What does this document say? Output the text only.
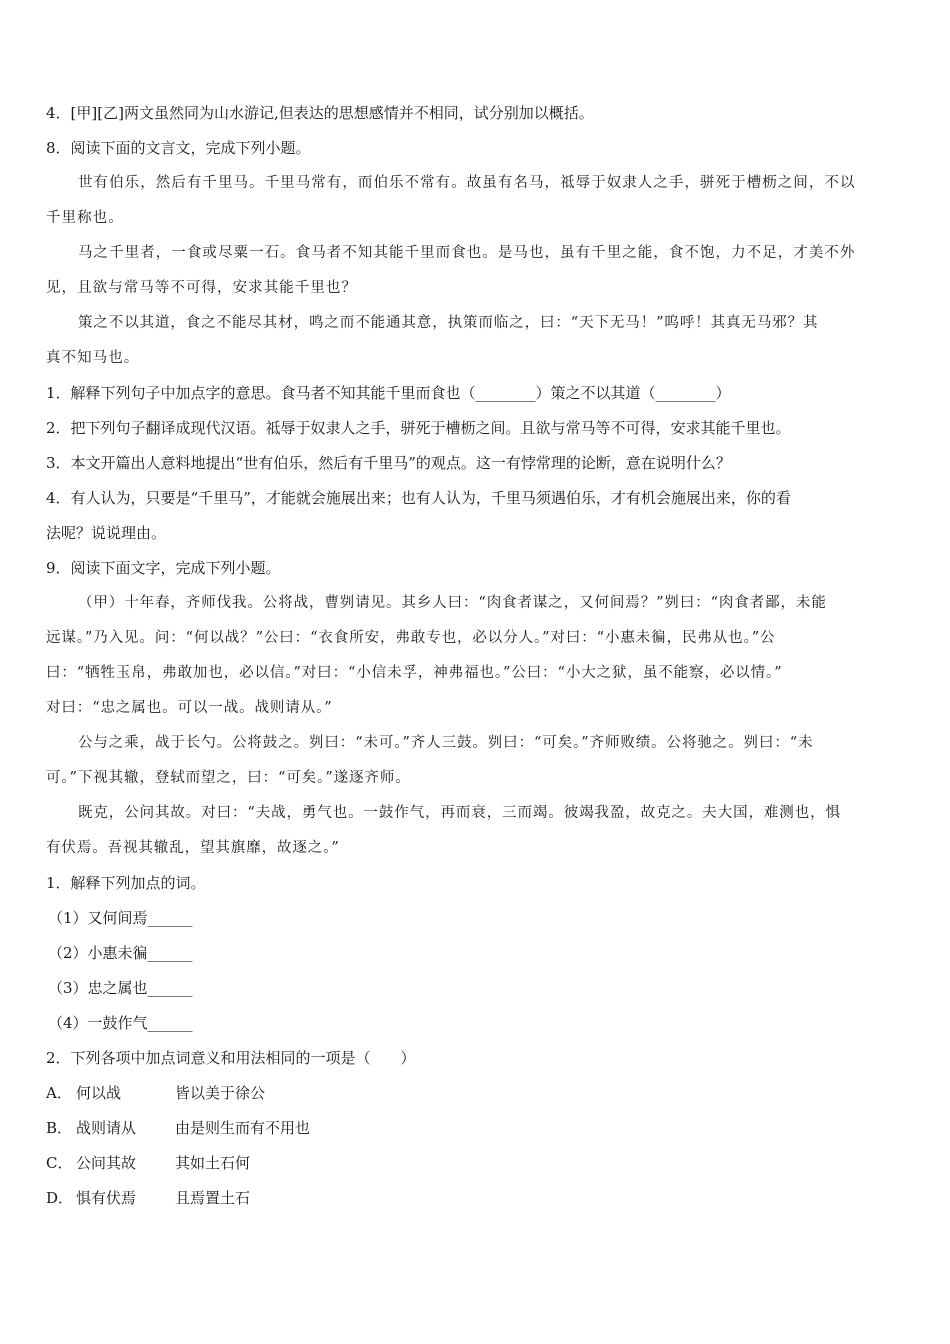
4．[甲][乙]两文虽然同为山水游记,但表达的思想感情并不相同，试分别加以概括。
8．阅读下面的文言文，完成下列小题。
世有伯乐，然后有千里马。千里马常有，而伯乐不常有。故虽有名马，祗辱于奴隶人之手，骈死于槽枥之间，不以
千里称也。
马之千里者，一食或尽粟一石。食马者不知其能千里而食也。是马也，虽有千里之能，食不饱，力不足，才美不外
见，且欲与常马等不可得，安求其能千里也？
策之不以其道，食之不能尽其材，鸣之而不能通其意，执策而临之，曰：“天下无马！”呜呼！其真无马邪？其
真不知马也。
1．解释下列句子中加点字的意思。食马者不知其能千里而食也（________）策之不以其道（________）
2．把下列句子翻译成现代汉语。祗辱于奴隶人之手，骈死于槽枥之间。且欲与常马等不可得，安求其能千里也。
3．本文开篇出人意料地提出“世有伯乐，然后有千里马”的观点。这一有悖常理的论断，意在说明什么？
4．有人认为，只要是“千里马”，才能就会施展出来；也有人认为，千里马须遇伯乐，才有机会施展出来，你的看
法呢？说说理由。
9．阅读下面文字，完成下列小题。
（甲）十年春，齐师伐我。公将战，曹刿请见。其乡人曰：“肉食者谋之，又何间焉？”刿曰：“肉食者鄙，未能
远谋。”乃入见。问：“何以战？”公曰：“衣食所安，弗敢专也，必以分人。”对曰：“小惠未徧，民弗从也。”公
曰：“牺牲玉帛，弗敢加也，必以信。”对曰：“小信未孚，神弗福也。”公曰：“小大之狱，虽不能察，必以情。”
对曰：“忠之属也。可以一战。战则请从。”
公与之乘，战于长勺。公将鼓之。刿曰：“未可。”齐人三鼓。刿曰：“可矣。”齐师败绩。公将驰之。刿曰：“未
可。”下视其辙，登轼而望之，曰：“可矣。”遂逐齐师。
既克，公问其故。对曰：“夫战，勇气也。一鼓作气，再而衰，三而竭。彼竭我盈，故克之。夫大国，难测也，惧
有伏焉。吾视其辙乱，望其旗靡，故逐之。”
1．解释下列加点的词。
（1）又何间焉______
（2）小惠未徧______
（3）忠之属也______
（4）一鼓作气______
2．下列各项中加点词意义和用法相同的一项是（　　）
A． 何以战	皆以美于徐公
B． 战则请从	由是则生而有不用也
C． 公问其故	其如土石何
D． 惧有伏焉	且焉置土石
